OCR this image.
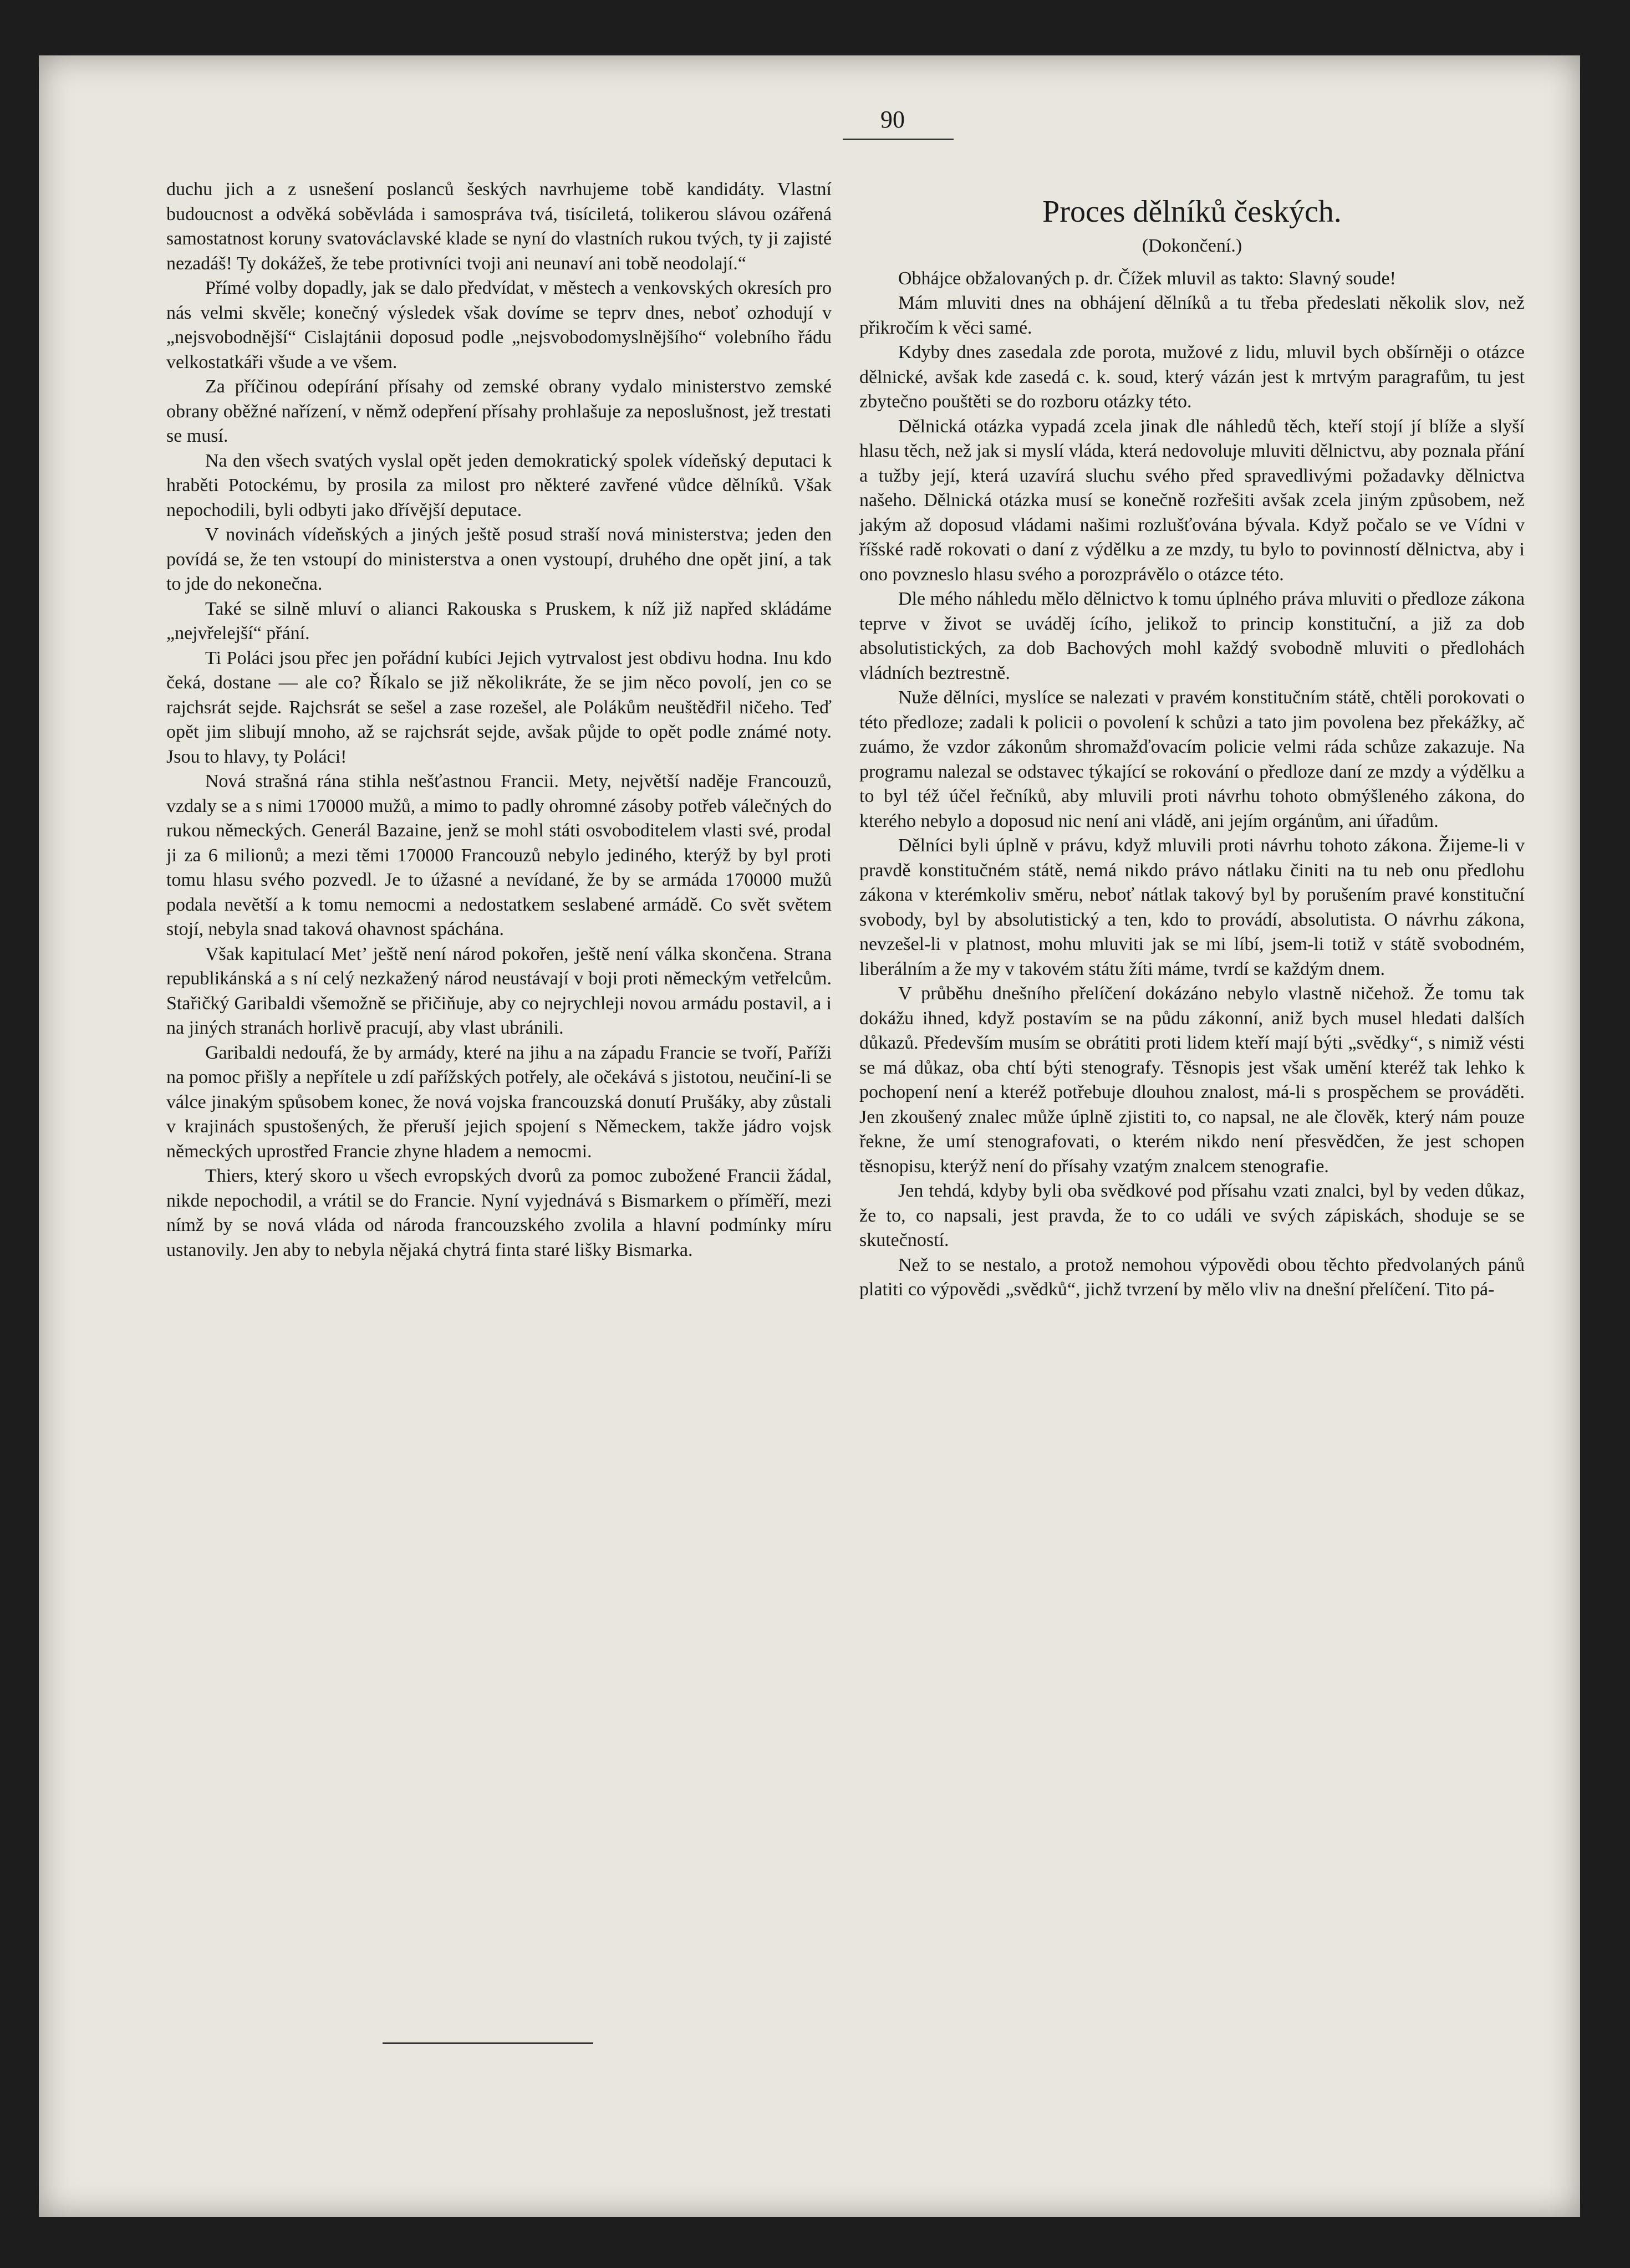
90

duchu jich a z usnešení poslanců šeských navrhujeme tobě kandidáty. Vlastní budoucnost a odvěká soběvláda i samospráva tvá, tisíciletá, tolikerou slávou ozářená samostatnost koruny svatováclavské klade se nyní do vlastních rukou tvých, ty ji zajisté nezadáš! Ty dokážeš, že tebe protivníci tvoji ani neunaví ani tobě neodolají.“

Přímé volby dopadly, jak se dalo předvídat, v městech a venkovských okresích pro nás velmi skvěle; konečný výsledek však dovíme se teprv dnes, neboť ozhodují v „nejsvobodnější“ Cislajtánii doposud podle „nejsvobodomyslnějšího“ volebního řádu velkostatkáři všude a ve všem.

Za příčinou odepírání přísahy od zemské obrany vydalo ministerstvo zemské obrany oběžné nařízení, v němž odepření přísahy prohlašuje za neposlušnost, jež trestati se musí.

Na den všech svatých vyslal opět jeden demokratický spolek vídeňský deputaci k hraběti Potockému, by prosila za milost pro některé zavřené vůdce dělníků. Však nepochodili, byli odbyti jako dřívější deputace.

V novinách vídeňských a jiných ještě posud straší nová ministerstva; jeden den povídá se, že ten vstoupí do ministerstva a onen vystoupí, druhého dne opět jiní, a tak to jde do nekonečna.

Také se silně mluví o alianci Rakouska s Pruskem, k níž již napřed skládáme „nejvřelejší“ přání.

Ti Poláci jsou přec jen pořádní kubíci Jejich vytrvalost jest obdivu hodna. Inu kdo čeká, dostane — ale co? Říkalo se již několikráte, že se jim něco povolí, jen co se rajchsrát sejde. Rajchsrát se sešel a zase rozešel, ale Polákům neuštědřil ničeho. Teď opět jim slibují mnoho, až se rajchsrát sejde, avšak půjde to opět podle známé noty. Jsou to hlavy, ty Poláci!

Nová strašná rána stihla nešťastnou Francii. Mety, největší naděje Francouzů, vzdaly se a s nimi 170000 mužů, a mimo to padly ohromné zásoby potřeb válečných do rukou německých. Generál Bazaine, jenž se mohl státi osvoboditelem vlasti své, prodal ji za 6 milionů; a mezi těmi 170000 Francouzů nebylo jediného, kterýž by byl proti tomu hlasu svého pozvedl. Je to úžasné a nevídané, že by se armáda 170000 mužů podala nevětší a k tomu nemocmi a nedostatkem seslabené armádě. Co svět světem stojí, nebyla snad taková ohavnost spáchána.

Však kapitulací Met’ ještě není národ pokořen, ještě není válka skončena. Strana republikánská a s ní celý nezkažený národ neustávají v boji proti německým vetřelcům. Stařičký Garibaldi všemožně se přičiňuje, aby co nejrychleji novou armádu postavil, a i na jiných stranách horlivě pracují, aby vlast ubránili.

Garibaldi nedoufá, že by armády, které na jihu a na západu Francie se tvoří, Paříži na pomoc přišly a nepřítele u zdí pařížských potřely, ale očekává s jistotou, neučiní-li se válce jinakým spůsobem konec, že nová vojska francouzská donutí Prušáky, aby zůstali v krajinách spustošených, že přeruší jejich spojení s Německem, takže jádro vojsk německých uprostřed Francie zhyne hladem a nemocmi.

Thiers, který skoro u všech evropských dvorů za pomoc zubožené Francii žádal, nikde nepochodil, a vrátil se do Francie. Nyní vyjednává s Bismarkem o příměří, mezi nímž by se nová vláda od národa francouzského zvolila a hlavní podmínky míru ustanovily. Jen aby to nebyla nějaká chytrá finta staré lišky Bismarka.

Proces dělníků českých.
(Dokončení.)

Obhájce obžalovaných p. dr. Čížek mluvil as takto: Slavný soude!

Mám mluviti dnes na obhájení dělníků a tu třeba předeslati několik slov, než přikročím k věci samé.

Kdyby dnes zasedala zde porota, mužové z lidu, mluvil bych obšírněji o otázce dělnické, avšak kde zasedá c. k. soud, který vázán jest k mrtvým paragrafům, tu jest zbytečno pouštěti se do rozboru otázky této.

Dělnická otázka vypadá zcela jinak dle náhledů těch, kteří stojí jí blíže a slyší hlasu těch, než jak si myslí vláda, která nedovoluje mluviti dělnictvu, aby poznala přání a tužby její, která uzavírá sluchu svého před spravedlivými požadavky dělnictva našeho. Dělnická otázka musí se konečně rozřešiti avšak zcela jiným způsobem, než jakým až doposud vládami našimi rozlušťována bývala. Když počalo se ve Vídni v říšské radě rokovati o daní z výdělku a ze mzdy, tu bylo to povinností dělnictva, aby i ono povzneslo hlasu svého a porozprávělo o otázce této.

Dle mého náhledu mělo dělnictvo k tomu úplného práva mluviti o předloze zákona teprve v život se uváděj ícího, jelikož to princip konstituční, a již za dob absolutistických, za dob Bachových mohl každý svobodně mluviti o předlohách vládních beztrestně.

Nuže dělníci, myslíce se nalezati v pravém konstitučním státě, chtěli porokovati o této předloze; zadali k policii o povolení k schůzi a tato jim povolena bez překážky, ač zuámo, že vzdor zákonům shromažďovacím policie velmi ráda schůze zakazuje. Na programu nalezal se odstavec týkající se rokování o předloze daní ze mzdy a výdělku a to byl též účel řečníků, aby mluvili proti návrhu tohoto obmýšleného zákona, do kterého nebylo a doposud nic není ani vládě, ani jejím orgánům, ani úřadům.

Dělníci byli úplně v právu, když mluvili proti návrhu tohoto zákona. Žijeme-li v pravdě konstitučném státě, nemá nikdo právo nátlaku činiti na tu neb onu předlohu zákona v kterémkoliv směru, neboť nátlak takový byl by porušením pravé konstituční svobody, byl by absolutistický a ten, kdo to provádí, absolutista. O návrhu zákona, nevzešel-li v platnost, mohu mluviti jak se mi líbí, jsem-li totiž v státě svobodném, liberálním a že my v takovém státu žíti máme, tvrdí se každým dnem.

V průběhu dnešního přelíčení dokázáno nebylo vlastně ničehož. Že tomu tak dokážu ihned, když postavím se na půdu zákonní, aniž bych musel hledati dalších důkazů. Především musím se obrátiti proti lidem kteří mají býti „svědky“, s nimiž vésti se má důkaz, oba chtí býti stenografy. Těsnopis jest však umění kteréž tak lehko k pochopení není a kteréž potřebuje dlouhou znalost, má-li s prospěchem se prováděti. Jen zkoušený znalec může úplně zjistiti to, co napsal, ne ale člověk, který nám pouze řekne, že umí stenografovati, o kterém nikdo není přesvědčen, že jest schopen těsnopisu, kterýž není do přísahy vzatým znalcem stenografie.

Jen tehdá, kdyby byli oba svědkové pod přísahu vzati znalci, byl by veden důkaz, že to, co napsali, jest pravda, že to co událi ve svých zápiskách, shoduje se se skutečností.

Než to se nestalo, a protož nemohou výpovědi obou těchto předvolaných pánů platiti co výpovědi „svědků“, jichž tvrzení by mělo vliv na dnešní přelíčení. Tito pá-
